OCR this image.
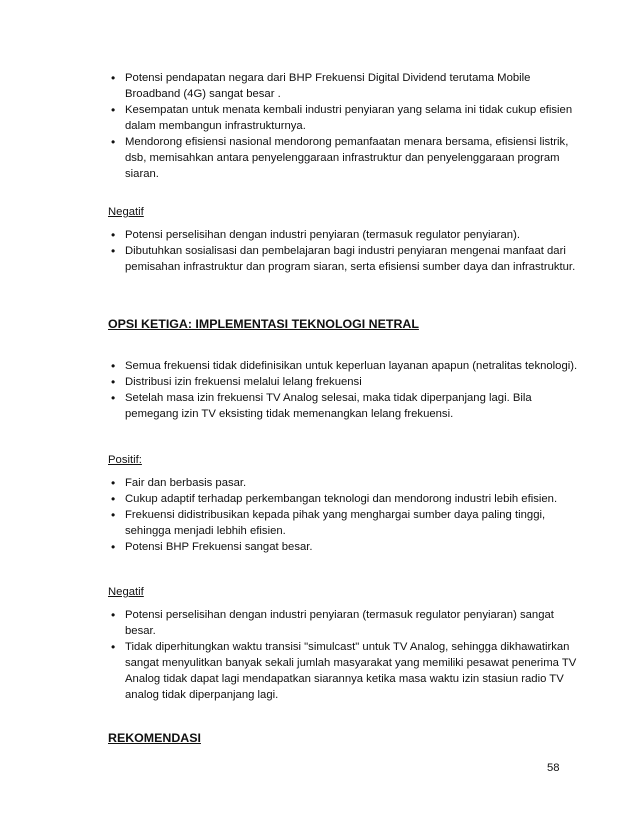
• Potensi pendapatan negara dari BHP Frekuensi Digital Dividend terutama Mobile Broadband (4G) sangat besar .
• Kesempatan untuk menata kembali industri penyiaran yang selama ini tidak cukup efisien dalam membangun infrastrukturnya.
• Mendorong efisiensi nasional mendorong pemanfaatan menara bersama, efisiensi listrik, dsb, memisahkan antara penyelenggaraan infrastruktur dan penyelenggaraan program siaran.
Negatif
• Potensi perselisihan dengan industri penyiaran (termasuk regulator penyiaran).
• Dibutuhkan sosialisasi dan pembelajaran bagi industri penyiaran mengenai manfaat dari pemisahan infrastruktur dan program siaran, serta efisiensi sumber daya dan infrastruktur.
OPSI KETIGA: IMPLEMENTASI TEKNOLOGI NETRAL
• Semua frekuensi tidak didefinisikan untuk keperluan layanan apapun (netralitas teknologi).
• Distribusi izin frekuensi melalui lelang frekuensi
• Setelah masa izin frekuensi TV Analog selesai, maka tidak diperpanjang lagi. Bila pemegang izin TV eksisting tidak memenangkan lelang frekuensi.
Positif:
• Fair dan berbasis pasar.
• Cukup adaptif terhadap perkembangan teknologi dan mendorong industri lebih efisien.
• Frekuensi didistribusikan kepada pihak yang menghargai sumber daya paling tinggi, sehingga menjadi lebhih efisien.
• Potensi BHP Frekuensi sangat besar.
Negatif
• Potensi perselisihan dengan industri penyiaran (termasuk regulator penyiaran) sangat besar.
• Tidak diperhitungkan waktu transisi "simulcast" untuk TV Analog, sehingga dikhawatirkan sangat menyulitkan banyak sekali jumlah masyarakat yang memiliki pesawat penerima TV Analog tidak dapat lagi mendapatkan siarannya ketika masa waktu izin stasiun radio TV analog tidak diperpanjang lagi.
REKOMENDASI
58
